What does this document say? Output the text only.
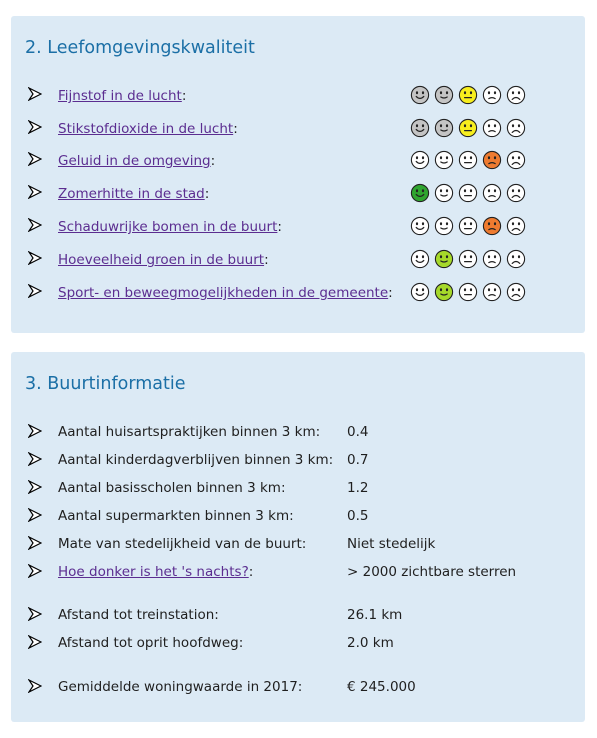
2. Leefomgevingskwaliteit
Fijnstof in de lucht:
Stikstofdioxide in de lucht:
Geluid in de omgeving:
Zomerhitte in de stad:
Schaduwrijke bomen in de buurt:
Hoeveelheid groen in de buurt:
Sport- en beweegmogelijkheden in de gemeente:
3. Buurtinformatie
Aantal huisartspraktijken binnen 3 km: 0.4
Aantal kinderdagverblijven binnen 3 km: 0.7
Aantal basisscholen binnen 3 km:	1.2
Aantal supermarkten binnen 3 km:	0.5
Mate van stedelijkheid van de buurt:	Niet stedelijk
Hoe donker is het 's nachts?:	> 2000 zichtbare sterren
Afstand tot treinstation:	26.1 km
Afstand tot oprit hoofdweg:	2.0 km
Gemiddelde woningwaarde in 2017:	€ 245.000
